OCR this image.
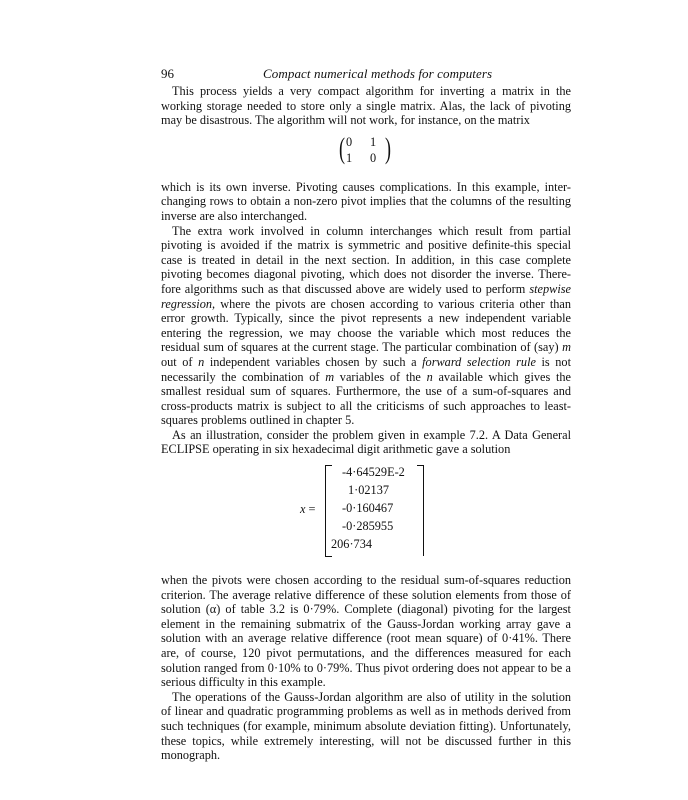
96	Compact numerical methods for computers

This process yields a very compact algorithm for inverting a matrix in the working storage needed to store only a single matrix. Alas, the lack of pivoting may be disastrous. The algorithm will not work, for instance, on the matrix

( 0 1
1 0 )

which is its own inverse. Pivoting causes complications. In this example, inter-changing rows to obtain a non-zero pivot implies that the columns of the resulting inverse are also interchanged.

The extra work involved in column interchanges which result from partial pivoting is avoided if the matrix is symmetric and positive definite-this special case is treated in detail in the next section. In addition, in this case complete pivoting becomes diagonal pivoting, which does not disorder the inverse. There-fore algorithms such as that discussed above are widely used to perform stepwise regression, where the pivots are chosen according to various criteria other than error growth. Typically, since the pivot represents a new independent variable entering the regression, we may choose the variable which most reduces the residual sum of squares at the current stage. The particular combination of (say) m out of n independent variables chosen by such a forward selection rule is not necessarily the combination of m variables of the n available which gives the smallest residual sum of squares. Furthermore, the use of a sum-of-squares and cross-products matrix is subject to all the criticisms of such approaches to least-squares problems outlined in chapter 5.

As an illustration, consider the problem given in example 7.2. A Data General ECLIPSE operating in six hexadecimal digit arithmetic gave a solution

x =
-4·64529E-2
1·02137
-0·160467
-0·285955
206·734

when the pivots were chosen according to the residual sum-of-squares reduction criterion. The average relative difference of these solution elements from those of solution (α) of table 3.2 is 0·79%. Complete (diagonal) pivoting for the largest element in the remaining submatrix of the Gauss-Jordan working array gave a solution with an average relative difference (root mean square) of 0·41%. There are, of course, 120 pivot permutations, and the differences measured for each solution ranged from 0·10% to 0·79%. Thus pivot ordering does not appear to be a serious difficulty in this example.

The operations of the Gauss-Jordan algorithm are also of utility in the solution of linear and quadratic programming problems as well as in methods derived from such techniques (for example, minimum absolute deviation fitting). Unfortunately, these topics, while extremely interesting, will not be discussed further in this monograph.
